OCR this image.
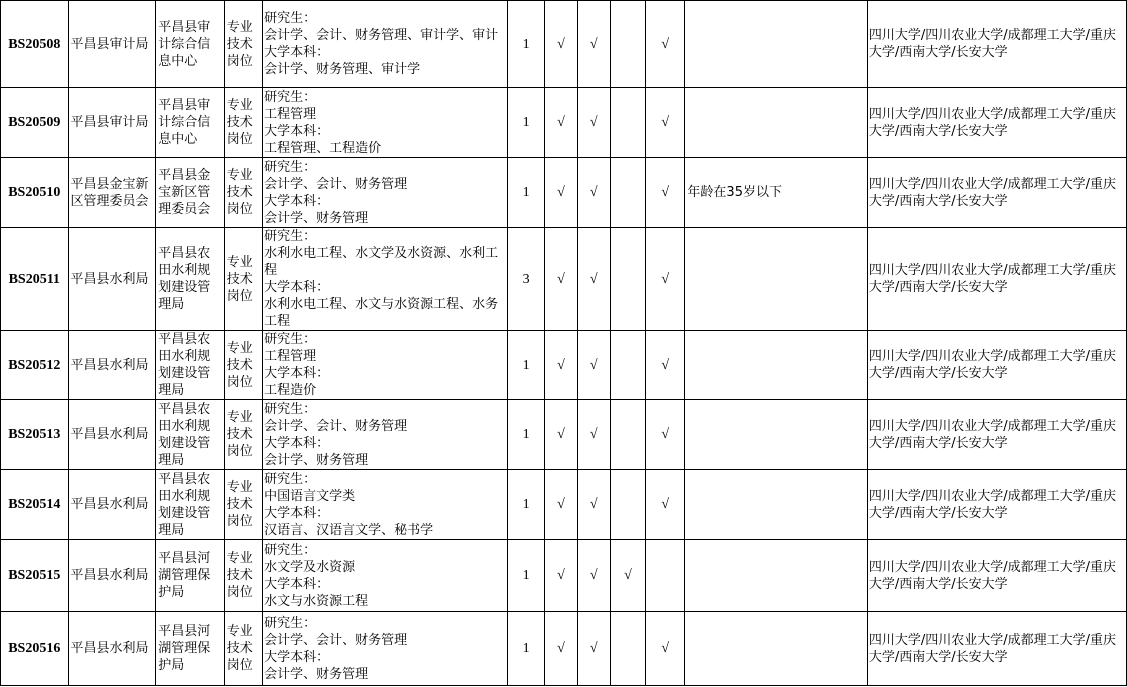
BS20508	平昌县审计局	平昌县审计综合信息中心	专业
技术
岗位	研究生：
会计学、会计、财务管理、审计学、审计
大学本科：
会计学、财务管理、审计学	1	√	√		√		四川大学/四川农业大学/成都理工大学/重庆大学/西南大学/长安大学
BS20509	平昌县审计局	平昌县审计综合信息中心	专业
技术
岗位	研究生：
工程管理
大学本科：
工程管理、工程造价	1	√	√		√		四川大学/四川农业大学/成都理工大学/重庆大学/西南大学/长安大学
BS20510	平昌县金宝新区管理委员会	平昌县金宝新区管理委员会	专业
技术
岗位	研究生：
会计学、会计、财务管理
大学本科：
会计学、财务管理	1	√	√		√	年龄在35岁以下	四川大学/四川农业大学/成都理工大学/重庆大学/西南大学/长安大学
BS20511	平昌县水利局	平昌县农田水利规划建设管理局	专业
技术
岗位	研究生：
水利水电工程、水文学及水资源、水利工程
大学本科：
水利水电工程、水文与水资源工程、水务工程	3	√	√		√		四川大学/四川农业大学/成都理工大学/重庆大学/西南大学/长安大学
BS20512	平昌县水利局	平昌县农田水利规划建设管理局	专业
技术
岗位	研究生：
工程管理
大学本科：
工程造价	1	√	√		√		四川大学/四川农业大学/成都理工大学/重庆大学/西南大学/长安大学
BS20513	平昌县水利局	平昌县农田水利规划建设管理局	专业
技术
岗位	研究生：
会计学、会计、财务管理
大学本科：
会计学、财务管理	1	√	√		√		四川大学/四川农业大学/成都理工大学/重庆大学/西南大学/长安大学
BS20514	平昌县水利局	平昌县农田水利规划建设管理局	专业
技术
岗位	研究生：
中国语言文学类
大学本科：
汉语言、汉语言文学、秘书学	1	√	√		√		四川大学/四川农业大学/成都理工大学/重庆大学/西南大学/长安大学
BS20515	平昌县水利局	平昌县河湖管理保护局	专业
技术
岗位	研究生：
水文学及水资源
大学本科：
水文与水资源工程	1	√	√	√			四川大学/四川农业大学/成都理工大学/重庆大学/西南大学/长安大学
BS20516	平昌县水利局	平昌县河湖管理保护局	专业
技术
岗位	研究生：
会计学、会计、财务管理
大学本科：
会计学、财务管理	1	√	√		√		四川大学/四川农业大学/成都理工大学/重庆大学/西南大学/长安大学
